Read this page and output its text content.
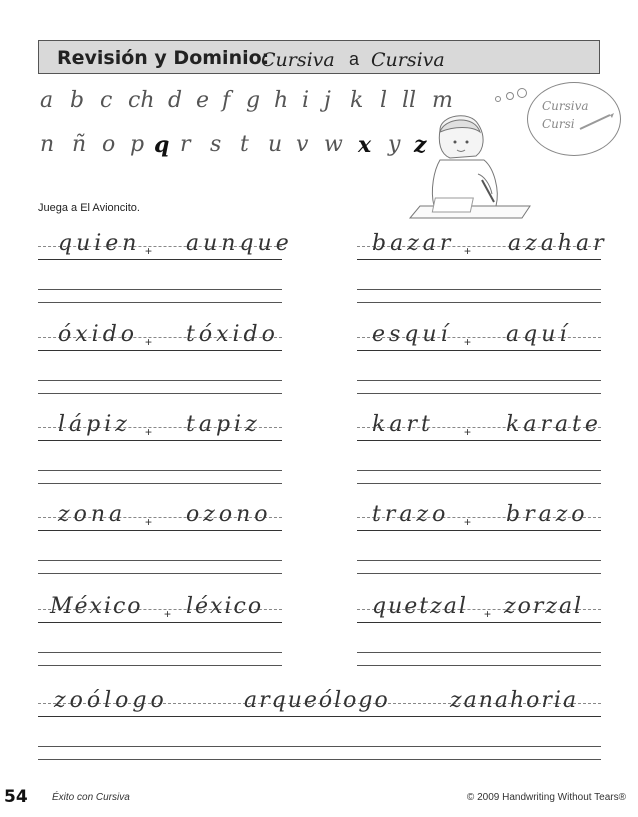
Revisión y Dominio:
Cursiva a Cursiva
a b c ch d e f g h i j k l ll m
n ñ o p q r s t u v w x y z
Cursiva
Cursi
Juega a El Avioncito.
quien + aunque	bazar + azahar
óxido + tóxido	esquí + aquí
lápiz + tapiz	kart	+ karate
zona + ozono	trazo + brazo
México + léxico	quetzal + zorzal
zoólogo	arqueólogo	zanahoria
54 Éxito con Cursiva	© 2009 Handwriting Without Tears®
